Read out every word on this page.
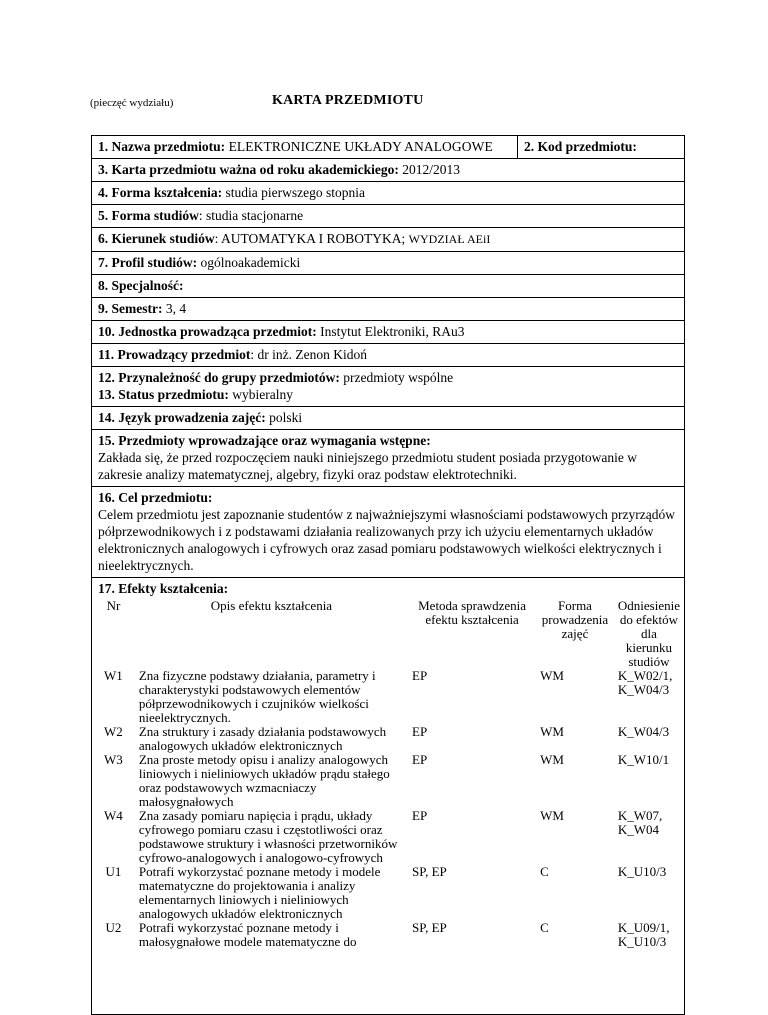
(pieczęć wydziału)	KARTA PRZEDMIOTU
1. Nazwa przedmiotu: ELEKTRONICZNE UKŁADY ANALOGOWE	2. Kod przedmiotu:
3. Karta przedmiotu ważna od roku akademickiego: 2012/2013
4. Forma kształcenia: studia pierwszego stopnia
5. Forma studiów: studia stacjonarne
6. Kierunek studiów: AUTOMATYKA I ROBOTYKA; WYDZIAŁ AEiI
7. Profil studiów: ogólnoakademicki
8. Specjalność:
9. Semestr: 3, 4
10. Jednostka prowadząca przedmiot: Instytut Elektroniki, RAu3
11. Prowadzący przedmiot: dr inż. Zenon Kidoń
12. Przynależność do grupy przedmiotów: przedmioty wspólne
13. Status przedmiotu: wybieralny
14. Język prowadzenia zajęć: polski
15. Przedmioty wprowadzające oraz wymagania wstępne:
Zakłada się, że przed rozpoczęciem nauki niniejszego przedmiotu student posiada przygotowanie w zakresie analizy matematycznej, algebry, fizyki oraz podstaw elektrotechniki.
16. Cel przedmiotu:
Celem przedmiotu jest zapoznanie studentów z najważniejszymi własnościami podstawowych przyrządów półprzewodnikowych i z podstawami działania realizowanych przy ich użyciu elementarnych układów elektronicznych analogowych i cyfrowych oraz zasad pomiaru podstawowych wielkości elektrycznych i nieelektrycznych.
17. Efekty kształcenia:
Nr	Opis efektu kształcenia	Metoda sprawdzenia efektu kształcenia	Forma prowadzenia zajęć	Odniesienie do efektów dla kierunku studiów
W1	Zna fizyczne podstawy działania, parametry i charakterystyki podstawowych elementów półprzewodnikowych i czujników wielkości nieelektrycznych.	EP	WM	K_W02/1, K_W04/3
W2	Zna struktury i zasady działania podstawowych analogowych układów elektronicznych	EP	WM	K_W04/3
W3	Zna proste metody opisu i analizy analogowych liniowych i nieliniowych układów prądu stałego oraz podstawowych wzmacniaczy małosygnałowych	EP	WM	K_W10/1
W4	Zna zasady pomiaru napięcia i prądu, układy cyfrowego pomiaru czasu i częstotliwości oraz podstawowe struktury i własności przetworników cyfrowo-analogowych i analogowo-cyfrowych	EP	WM	K_W07, K_W04
U1	Potrafi wykorzystać poznane metody i modele matematyczne do projektowania i analizy elementarnych liniowych i nieliniowych analogowych układów elektronicznych	SP, EP	C	K_U10/3
U2	Potrafi wykorzystać poznane metody i małosygnałowe modele matematyczne do	SP, EP	C	K_U09/1, K_U10/3
